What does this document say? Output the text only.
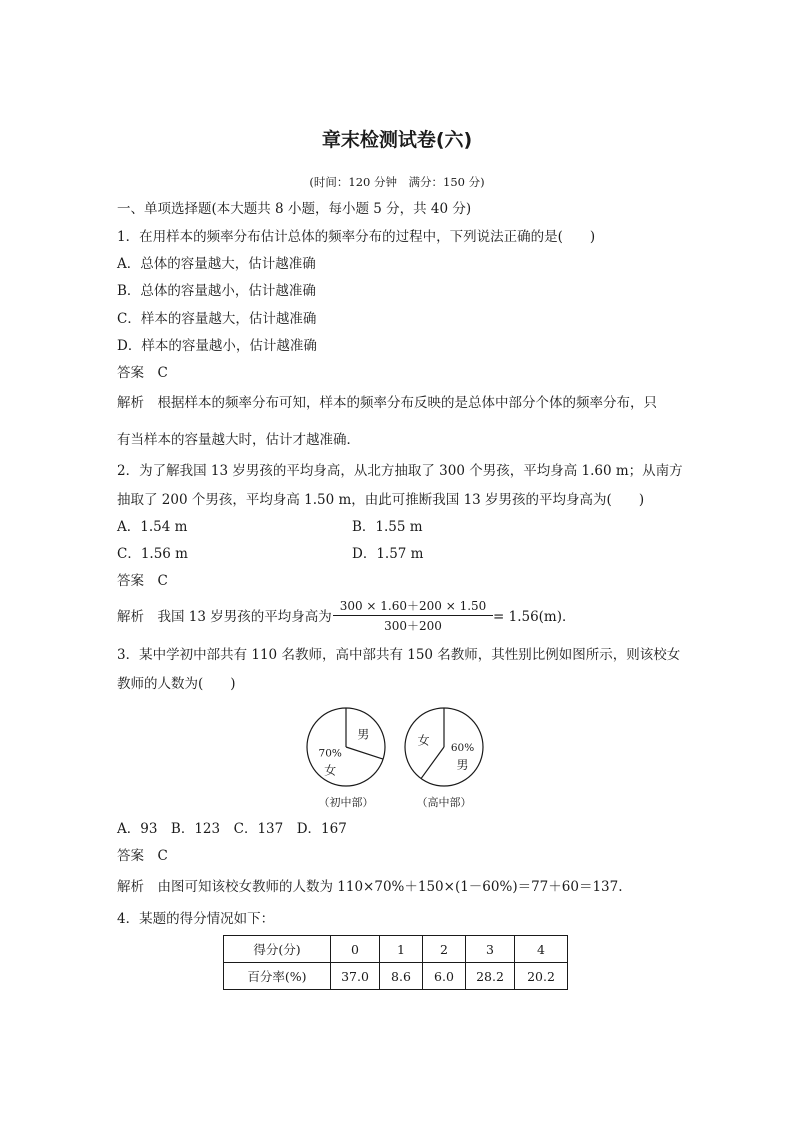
章末检测试卷(六)
(时间：120 分钟　满分：150 分)
一、单项选择题(本大题共 8 小题，每小题 5 分，共 40 分)
1．在用样本的频率分布估计总体的频率分布的过程中，下列说法正确的是(　　)
A．总体的容量越大，估计越准确
B．总体的容量越小，估计越准确
C．样本的容量越大，估计越准确
D．样本的容量越小，估计越准确
答案　C
解析　根据样本的频率分布可知，样本的频率分布反映的是总体中部分个体的频率分布，只
有当样本的容量越大时，估计才越准确．
2．为了解我国 13 岁男孩的平均身高，从北方抽取了 300 个男孩，平均身高 1.60 m；从南方
抽取了 200 个男孩，平均身高 1.50 m，由此可推断我国 13 岁男孩的平均身高为(　　)
A．1.54 m	B．1.55 m
C．1.56 m	D．1.57 m
答案　C
解析　我国 13 岁男孩的平均身高为 $\frac{300 \times 1.60+200 \times 1.50}{300+200} = 1.56(m)$．
3．某中学初中部共有 110 名教师，高中部共有 150 名教师，其性别比例如图所示，则该校女
教师的人数为(　　)
70%
女
男
（初中部）
60%
男
女
（高中部）
A．93　B．123　C．137　D．167
答案　C
解析　由图可知该校女教师的人数为 110×70%＋150×(1－60%)＝77＋60＝137.
4．某题的得分情况如下：
得分(分)	0	1	2	3	4
百分率(%)	37.0	8.6	6.0	28.2	20.2
